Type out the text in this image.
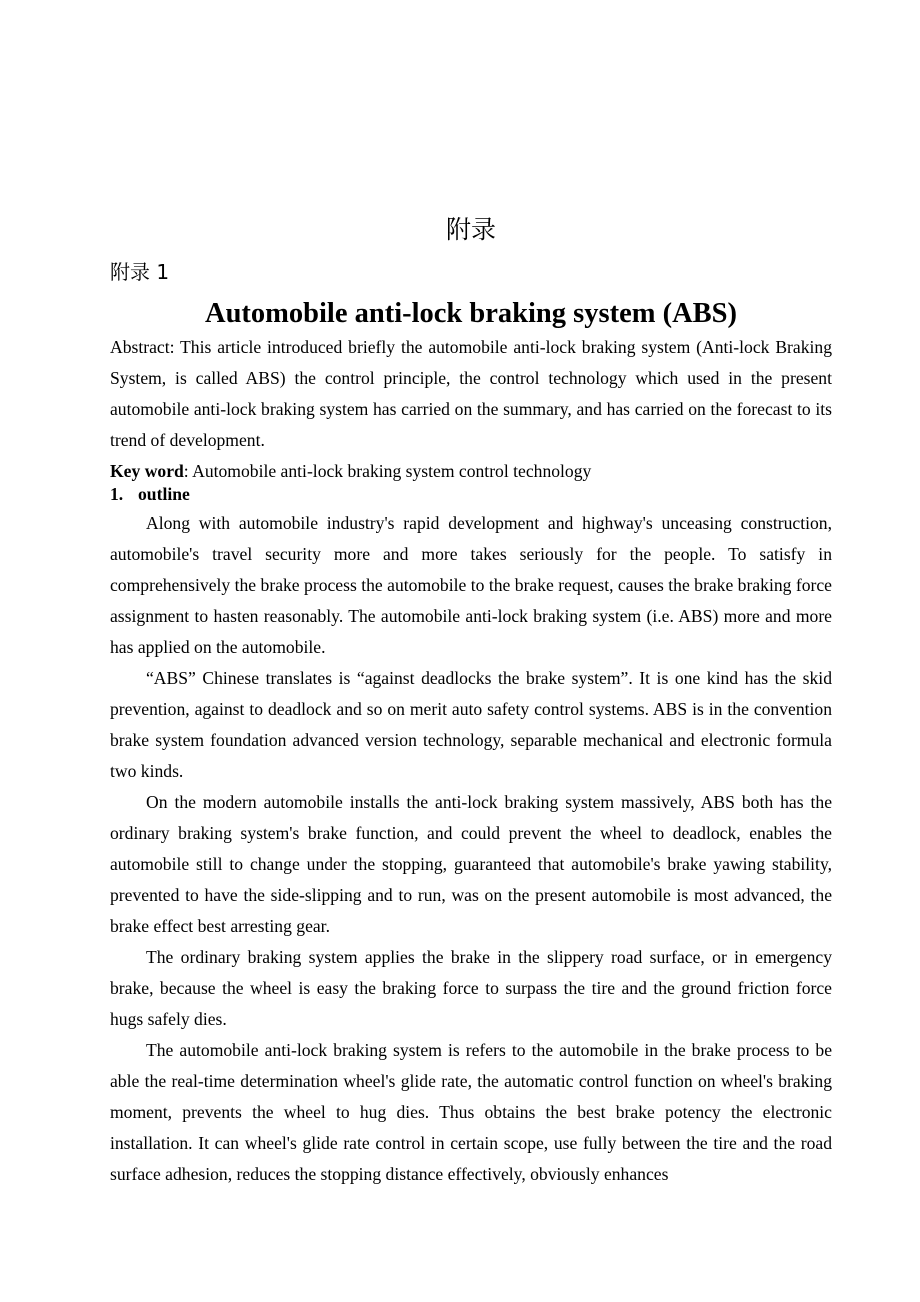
附录
附录 1
Automobile anti-lock braking system (ABS)

Abstract: This article introduced briefly the automobile anti-lock braking system (Anti-lock Braking System, is called ABS) the control principle, the control technology which used in the present automobile anti-lock braking system has carried on the summary, and has carried on the forecast to its trend of development.

Key word: Automobile anti-lock braking system control technology

1. outline

Along with automobile industry's rapid development and highway's unceasing construction, automobile's travel security more and more takes seriously for the people. To satisfy in comprehensively the brake process the automobile to the brake request, causes the brake braking force assignment to hasten reasonably. The automobile anti-lock braking system (i.e. ABS) more and more has applied on the automobile.

“ABS” Chinese translates is “against deadlocks the brake system”. It is one kind has the skid prevention, against to deadlock and so on merit auto safety control systems. ABS is in the convention brake system foundation advanced version technology, separable mechanical and electronic formula two kinds.

On the modern automobile installs the anti-lock braking system massively, ABS both has the ordinary braking system's brake function, and could prevent the wheel to deadlock, enables the automobile still to change under the stopping, guaranteed that automobile's brake yawing stability, prevented to have the side-slipping and to run, was on the present automobile is most advanced, the brake effect best arresting gear.

The ordinary braking system applies the brake in the slippery road surface, or in emergency brake, because the wheel is easy the braking force to surpass the tire and the ground friction force hugs safely dies.

The automobile anti-lock braking system is refers to the automobile in the brake process to be able the real-time determination wheel's glide rate, the automatic control function on wheel's braking moment, prevents the wheel to hug dies. Thus obtains the best brake potency the electronic installation. It can wheel's glide rate control in certain scope, use fully between the tire and the road surface adhesion, reduces the stopping distance effectively, obviously enhances
